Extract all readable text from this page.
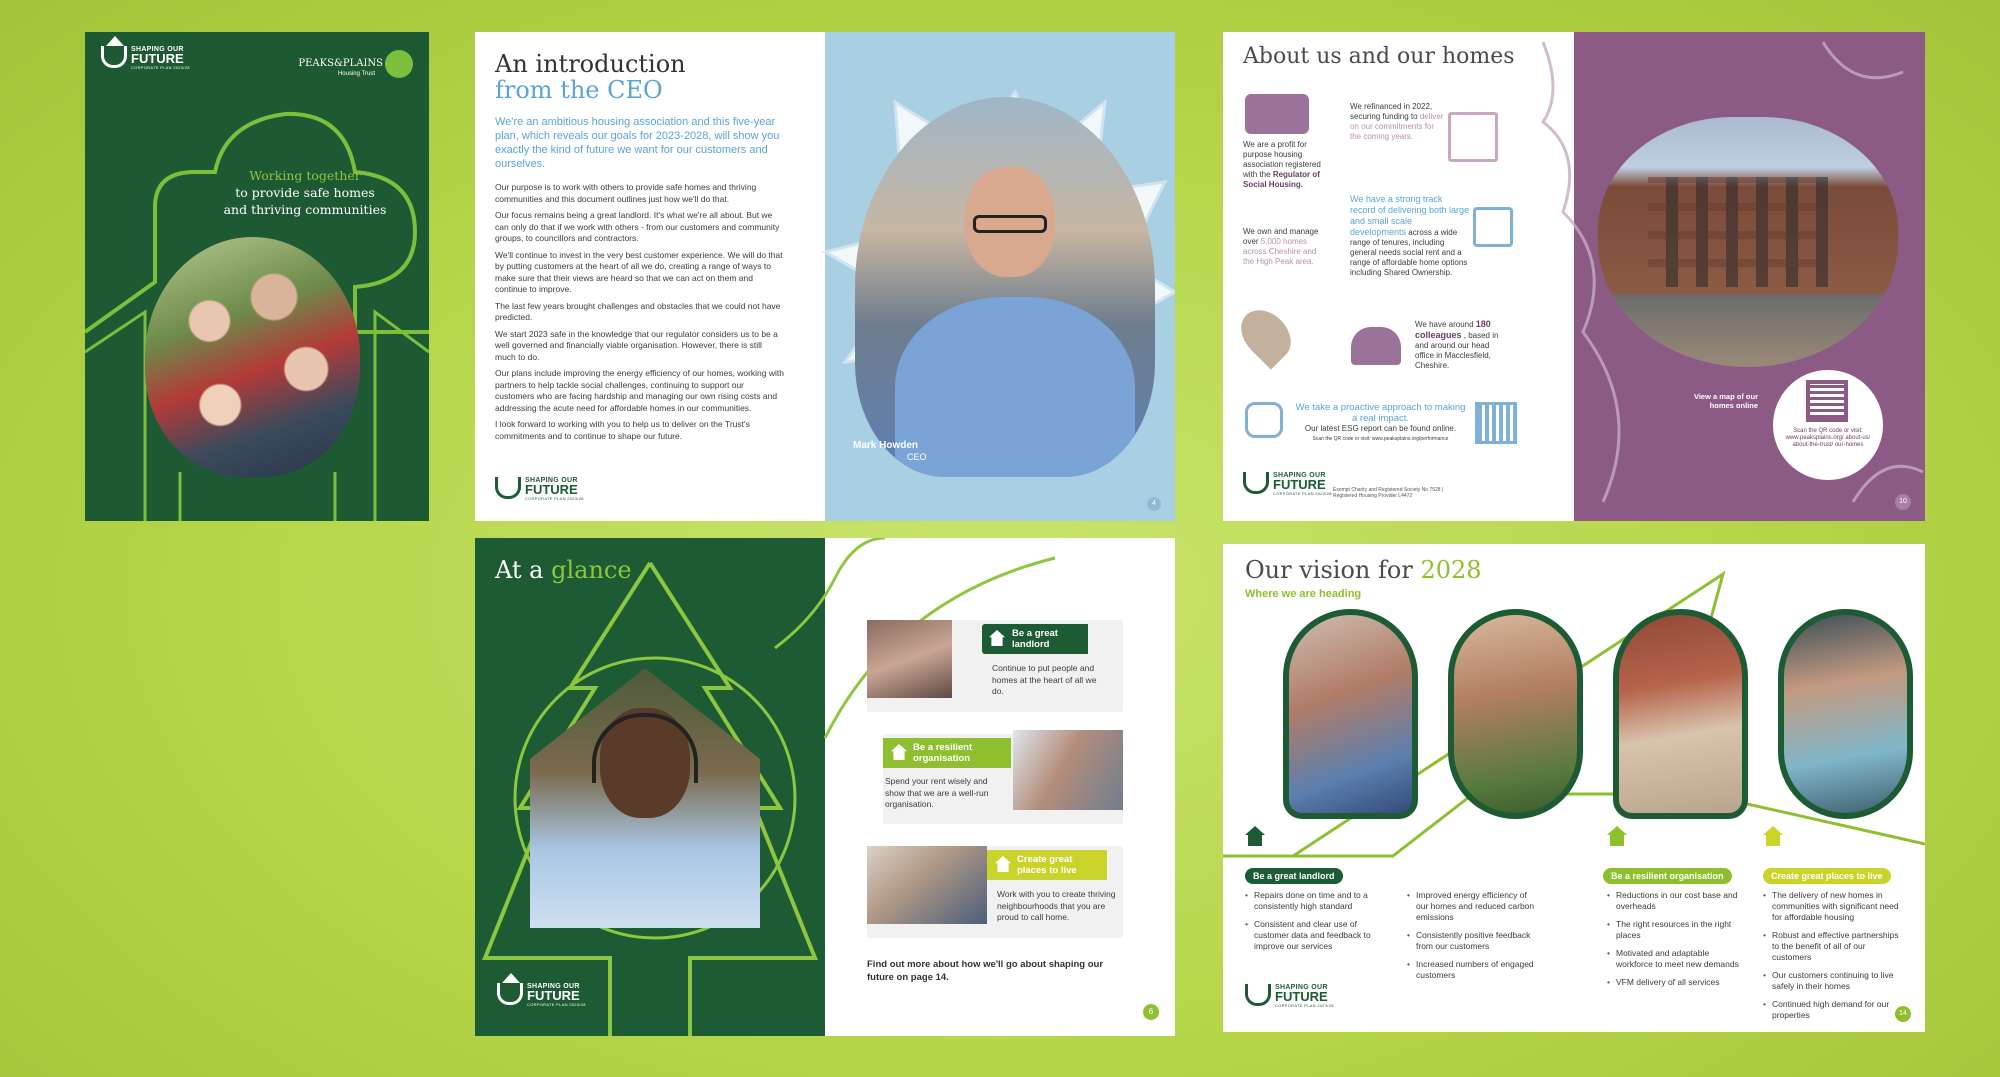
SHAPING OUR
FUTURE
CORPORATE PLAN 2023/28	PEAKS&PLAINS
Housing Trust
Working together
to provide safe homes
and thriving communities
An introduction
from the CEO
We're an ambitious housing association and this five-year plan, which reveals our goals for 2023-2028, will show you exactly the kind of future we want for our customers and ourselves.

Our purpose is to work with others to provide safe homes and thriving communities and this document outlines just how we'll do that.

Our focus remains being a great landlord. It's what we're all about. But we can only do that if we work with others - from our customers and community groups, to councillors and contractors.

We'll continue to invest in the very best customer experience. We will do that by putting customers at the heart of all we do, creating a range of ways to make sure that their views are heard so that we can act on them and continue to improve.

The last few years brought challenges and obstacles that we could not have predicted.

We start 2023 safe in the knowledge that our regulator considers us to be a well governed and financially viable organisation. However, there is still much to do.

Our plans include improving the energy efficiency of our homes, working with partners to help tackle social challenges, continuing to support our customers who are facing hardship and managing our own rising costs and addressing the acute need for affordable homes in our communities.

I look forward to working with you to help us to deliver on the Trust's commitments and to continue to shape our future.

SHAPING OUR
FUTURE
CORPORATE PLAN 2023/28
Mark Howden
CEO
4
About us and our homes
We are a profit for purpose housing association registered with the Regulator of Social Housing.
We refinanced in 2022, securing funding to deliver on our commitments for the coming years.
We own and manage over 5,000 homes across Cheshire and the High Peak area.
We have a strong track record of delivering both large and small scale developments across a wide range of tenures, including general needs social rent and a range of affordable home options including Shared Ownership.
We have around 180 colleagues , based in and around our head office in Macclesfield, Cheshire.
We take a proactive approach to making a real impact.
Our latest ESG report can be found online.
Scan the QR code or visit: www.peaksplains.org/performance
SHAPING OUR
FUTURE
CORPORATE PLAN 2023/28
Exempt Charity and Registered Society No 7528 | Registered Housing Provider L4472
View a map of our homes online
Scan the QR code or visit: www.peaksplains.org/ about-us/ about-the-trust/ our-homes
10
At a glance
SHAPING OUR
FUTURE
CORPORATE PLAN 2023/28
Be a great landlord
Continue to put people and homes at the heart of all we do.
Be a resilient organisation
Spend your rent wisely and show that we are a well-run organisation.
Create great places to live
Work with you to create thriving neighbourhoods that you are proud to call home.
Find out more about how we'll go about shaping our future on page 14.
6
Our vision for 2028
Where we are heading
Be a great landlord
• Repairs done on time and to a consistently high standard
• Consistent and clear use of customer data and feedback to improve our services
• Improved energy efficiency of our homes and reduced carbon emissions
• Consistently positive feedback from our customers
• Increased numbers of engaged customers
Be a resilient organisation
• Reductions in our cost base and overheads
• The right resources in the right places
• Motivated and adaptable workforce to meet new demands
• VFM delivery of all services
Create great places to live
• The delivery of new homes in communities with significant need for affordable housing
• Robust and effective partnerships to the benefit of all of our customers
• Our customers continuing to live safely in their homes
• Continued high demand for our properties
SHAPING OUR
FUTURE
CORPORATE PLAN 2023/28
14
